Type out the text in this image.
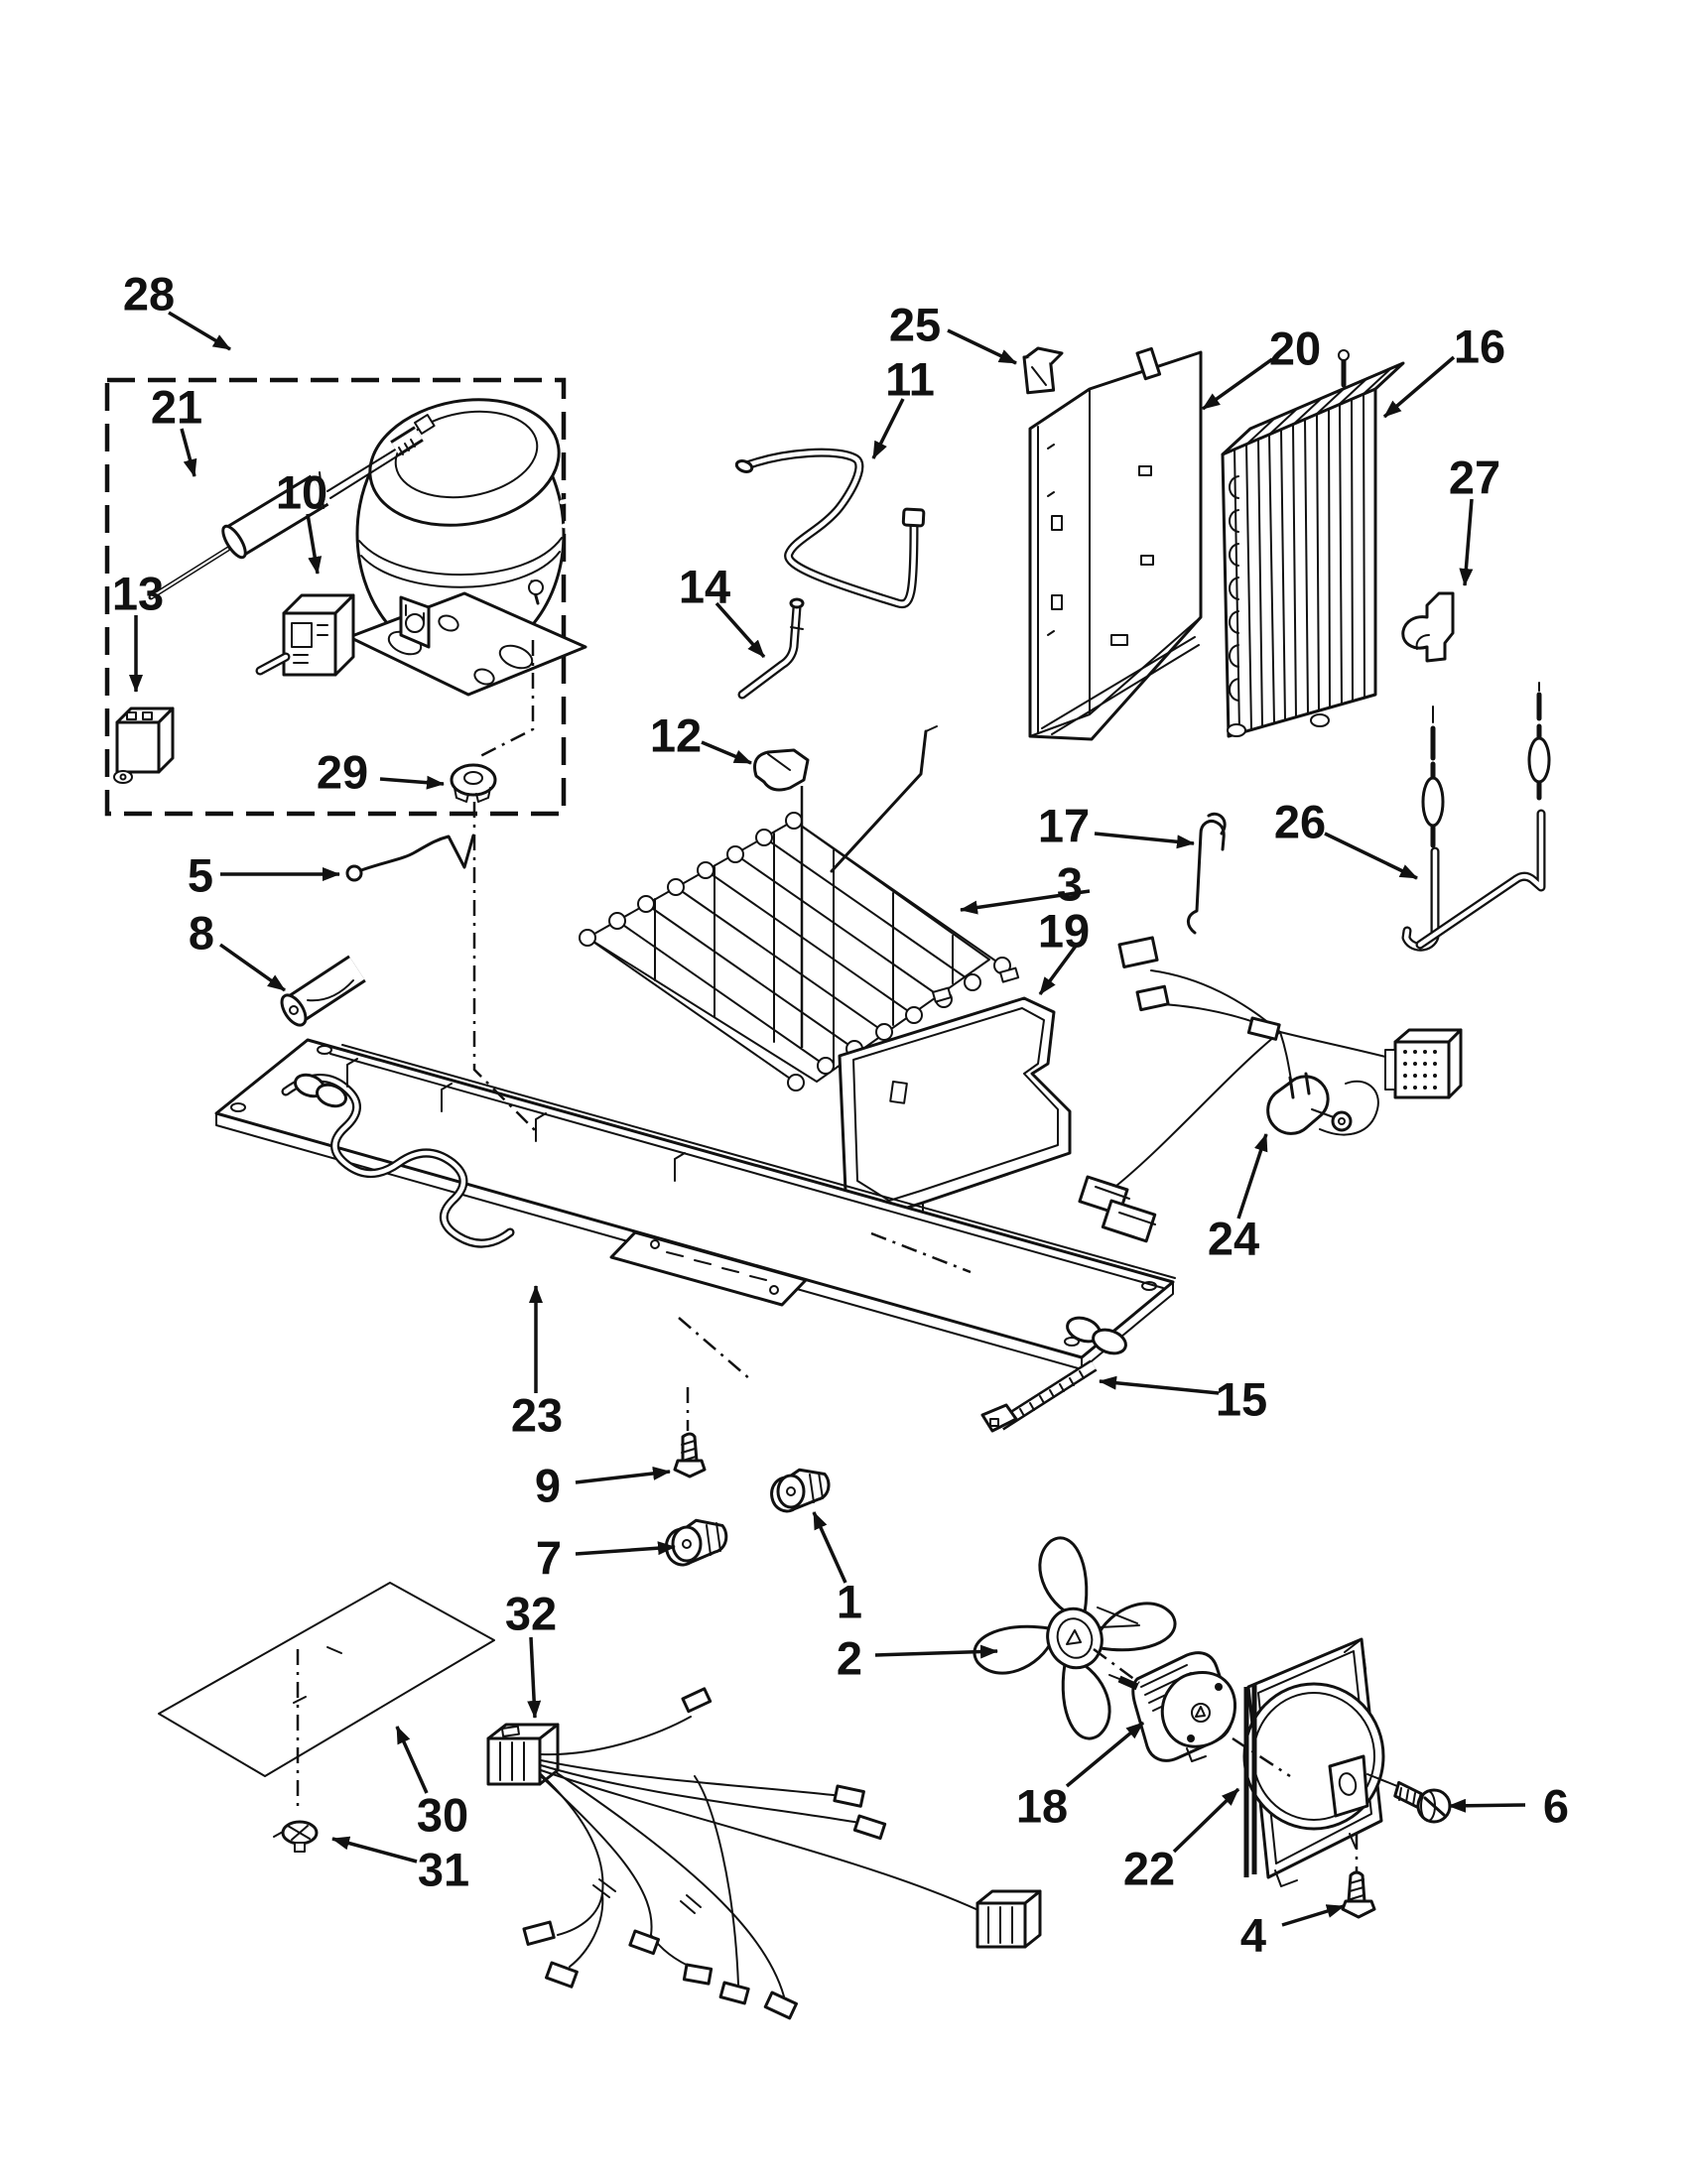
28
21
10
13
29
25
11
14
20	16
27
12
17
3
19
26
5
8
24
23	15
9
7
32	1
2
18
22
6
4
30
31
